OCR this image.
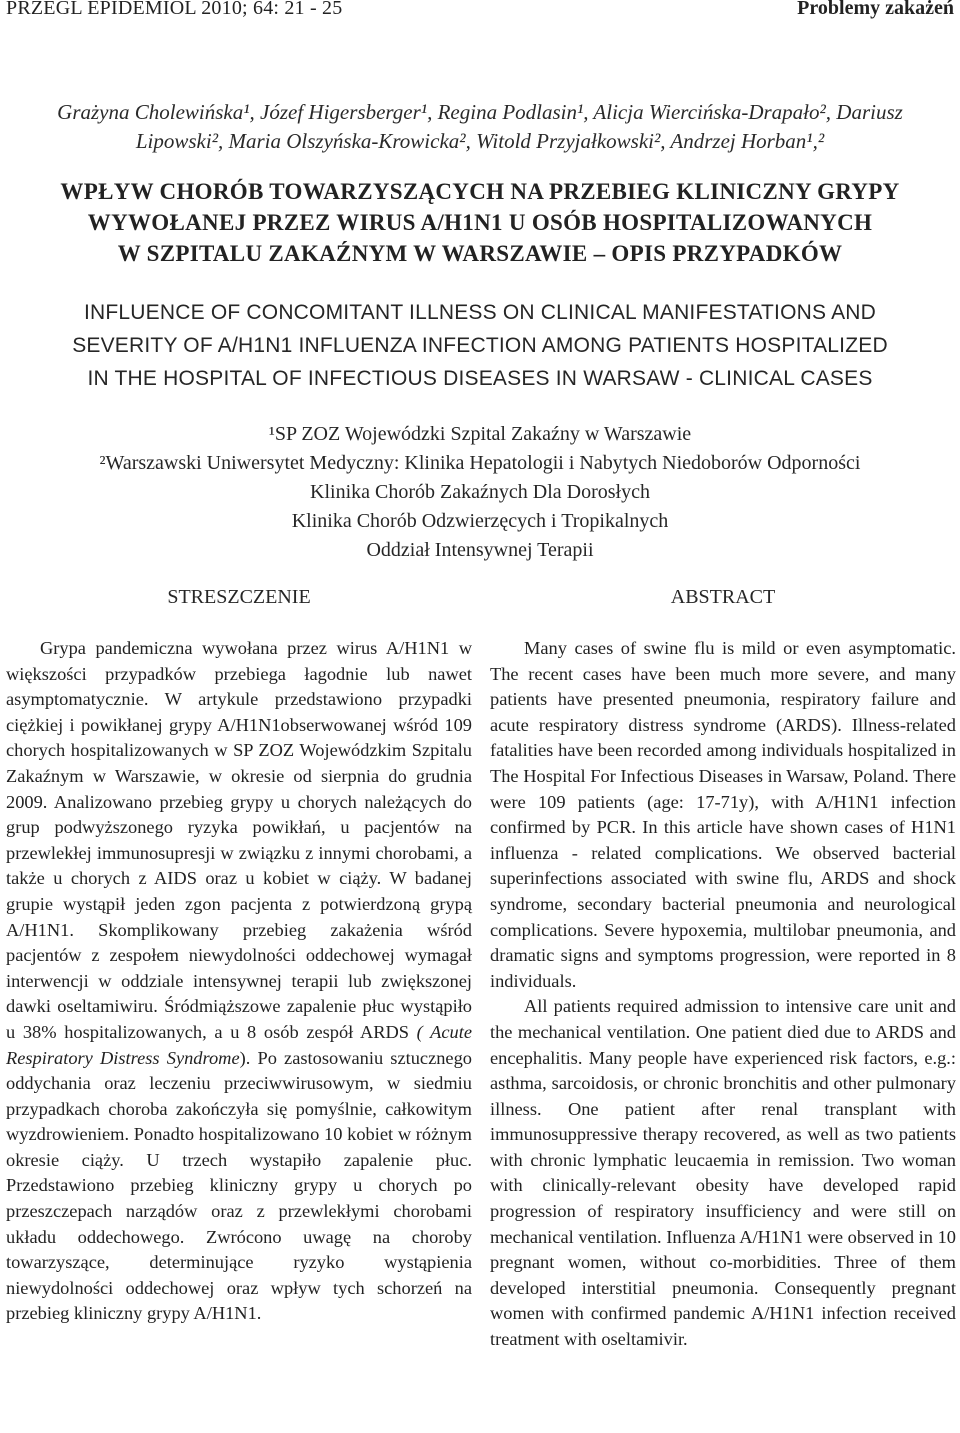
PRZEGL EPIDEMIOL 2010; 64: 21 - 25	Problemy zakażeń
Grażyna Cholewińska¹, Józef Higersberger¹, Regina Podlasin¹, Alicja Wiercińska-Drapało², Dariusz
Lipowski², Maria Olszyńska-Krowicka², Witold Przyjałkowski², Andrzej Horban¹,²
WPŁYW CHORÓB TOWARZYSZĄCYCH NA PRZEBIEG KLINICZNY GRYPY
WYWOŁANEJ PRZEZ WIRUS A/H1N1 U OSÓB HOSPITALIZOWANYCH
W SZPITALU ZAKAŹNYM W WARSZAWIE – OPIS PRZYPADKÓW
INFLUENCE OF CONCOMITANT ILLNESS ON CLINICAL MANIFESTATIONS AND
SEVERITY OF A/H1N1 INFLUENZA INFECTION AMONG PATIENTS HOSPITALIZED
IN THE HOSPITAL OF INFECTIOUS DISEASES IN WARSAW - CLINICAL CASES
¹SP ZOZ Wojewódzki Szpital Zakaźny w Warszawie
²Warszawski Uniwersytet Medyczny: Klinika Hepatologii i Nabytych Niedoborów Odporności
Klinika Chorób Zakaźnych Dla Dorosłych
Klinika Chorób Odzwierzęcych i Tropikalnych
Oddział Intensywnej Terapii
STRESZCZENIE	ABSTRACT

Grypa pandemiczna wywołana przez wirus A/H1N1 w większości przypadków przebiega łagodnie lub nawet asymptomatycznie. W artykule przedstawiono przypadki ciężkiej i powikłanej grypy A/H1N1obserwowanej wśród 109 chorych hospitalizowanych w SP ZOZ Wojewódzkim Szpitalu Zakaźnym w Warszawie, w okresie od sierpnia do grudnia 2009. Analizowano przebieg grypy u chorych należących do grup podwyższonego ryzyka powikłań, u pacjentów na przewlekłej immunosupresji w związku z innymi chorobami, a także u chorych z AIDS oraz u kobiet w ciąży. W badanej grupie wystąpił jeden zgon pacjenta z potwierdzoną grypą A/H1N1. Skomplikowany przebieg zakażenia wśród pacjentów z zespołem niewydolności oddechowej wymagał interwencji w oddziale intensywnej terapii lub zwiększonej dawki oseltamiwiru. Śródmiąższowe zapalenie płuc wystąpiło u 38% hospitalizowanych, a u 8 osób zespół ARDS ( Acute Respiratory Distress Syndrome). Po zastosowaniu sztucznego oddychania oraz leczeniu przeciwwirusowym, w siedmiu przypadkach choroba zakończyła się pomyślnie, całkowitym wyzdrowieniem. Ponadto hospitalizowano 10 kobiet w różnym okresie ciąży. U trzech wystapiło zapalenie płuc. Przedstawiono przebieg kliniczny grypy u chorych po przeszczepach narządów oraz z przewlekłymi chorobami układu oddechowego. Zwrócono uwagę na choroby towarzyszące, determinujące ryzyko wystąpienia niewydolności oddechowej oraz wpływ tych schorzeń na przebieg kliniczny grypy A/H1N1.

Many cases of swine flu is mild or even asymptomatic. The recent cases have been much more severe, and many patients have presented pneumonia, respiratory failure and acute respiratory distress syndrome (ARDS). Illness-related fatalities have been recorded among individuals hospitalized in The Hospital For Infectious Diseases in Warsaw, Poland. There were 109 patients (age: 17-71y), with A/H1N1 infection confirmed by PCR. In this article have shown cases of H1N1 influenza - related complications. We observed bacterial superinfections associated with swine flu, ARDS and shock syndrome, secondary bacterial pneumonia and neurological complications. Severe hypoxemia, multilobar pneumonia, and dramatic signs and symptoms progression, were reported in 8 individuals.

All patients required admission to intensive care unit and the mechanical ventilation. One patient died due to ARDS and encephalitis. Many people have experienced risk factors, e.g.: asthma, sarcoidosis, or chronic bronchitis and other pulmonary illness. One patient after renal transplant with immunosuppressive therapy recovered, as well as two patients with chronic lymphatic leucaemia in remission. Two woman with clinically-relevant obesity have developed rapid progression of respiratory insufficiency and were still on mechanical ventilation. Influenza A/H1N1 were observed in 10 pregnant women, without co-morbidities. Three of them developed interstitial pneumonia. Consequently pregnant women with confirmed pandemic A/H1N1 infection received treatment with oseltamivir.
